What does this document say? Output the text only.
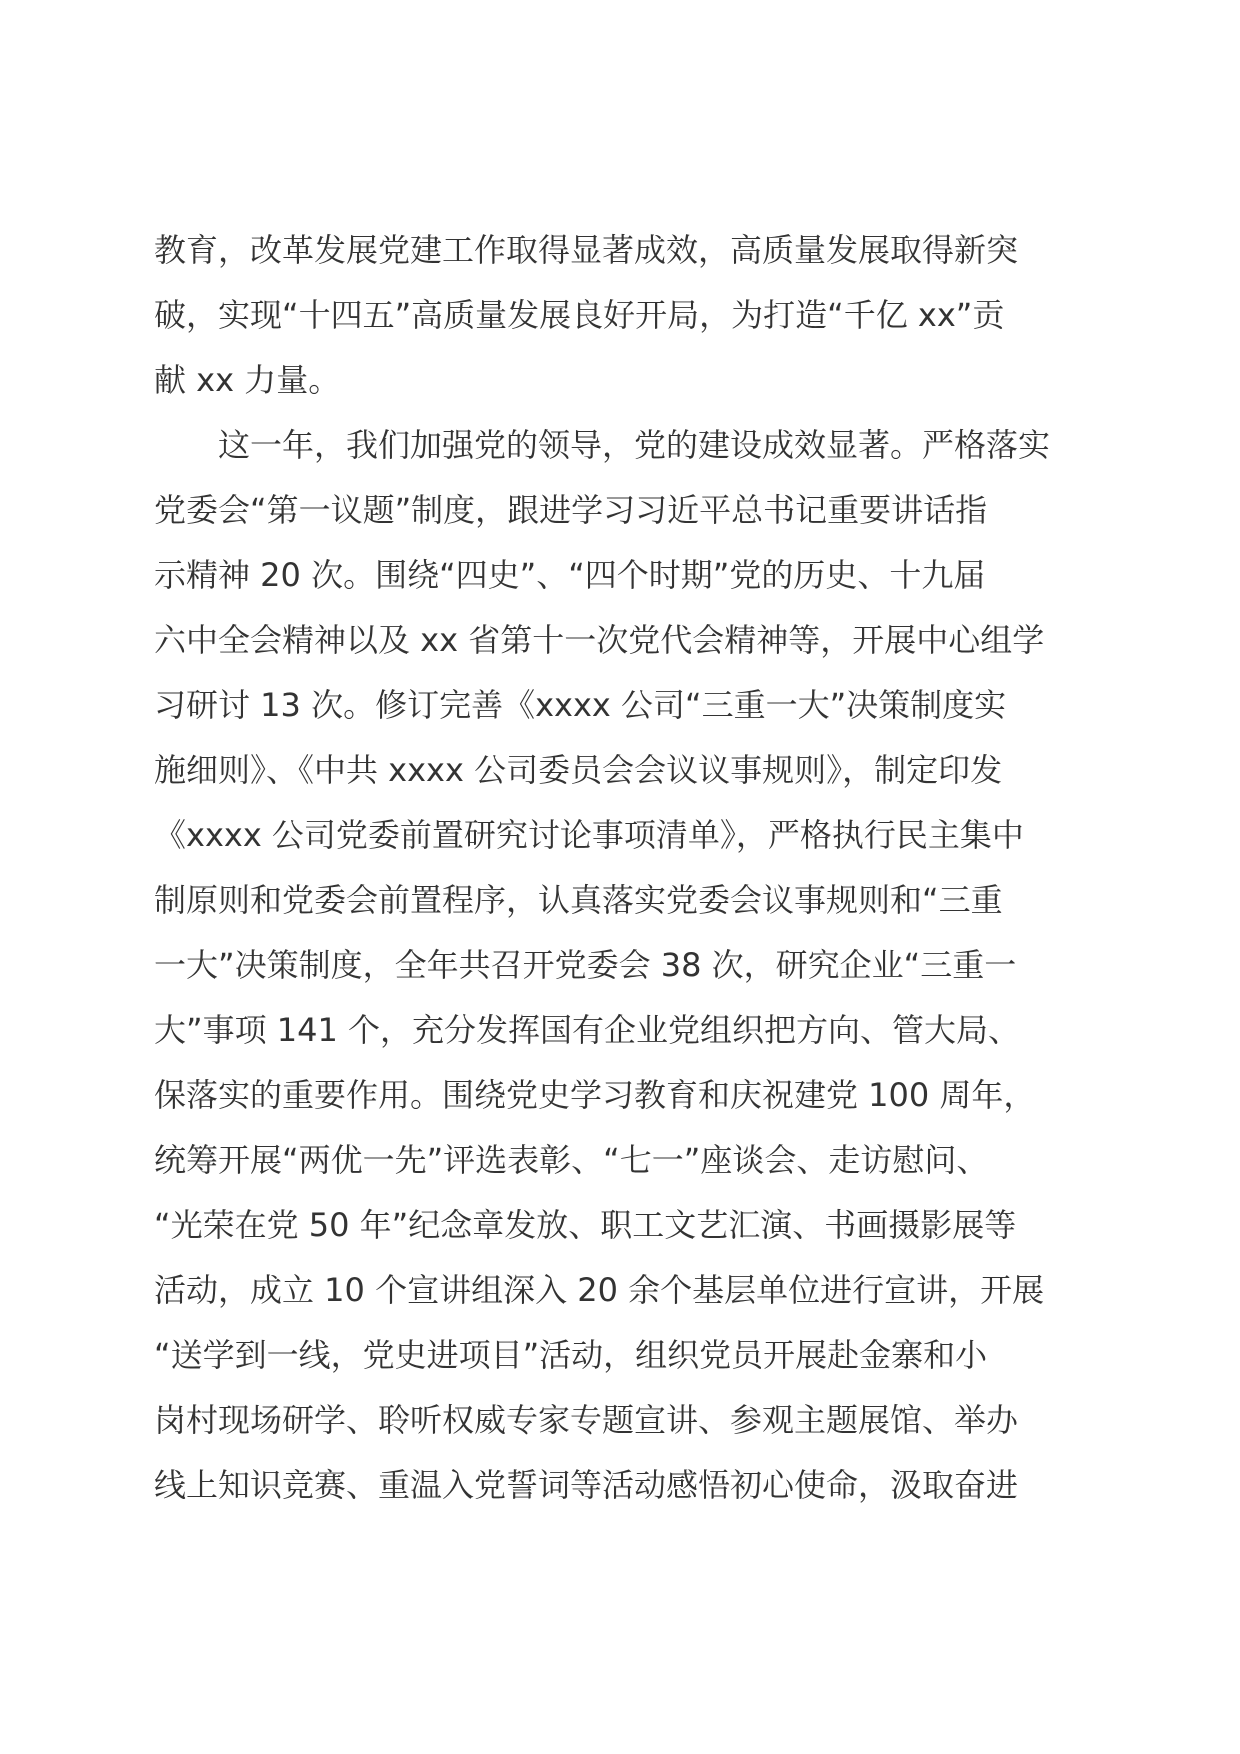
教育，改革发展党建工作取得显著成效，高质量发展取得新突
破，实现“十四五”高质量发展良好开局，为打造“千亿 xx”贡
献 xx 力量。
　　这一年，我们加强党的领导，党的建设成效显著。严格落实
党委会“第一议题”制度，跟进学习习近平总书记重要讲话指
示精神 20 次。围绕“四史”、“四个时期”党的历史、十九届
六中全会精神以及 xx 省第十一次党代会精神等，开展中心组学
习研讨 13 次。修订完善《xxxx 公司“三重一大”决策制度实
施细则》、《中共 xxxx 公司委员会会议议事规则》，制定印发
《xxxx 公司党委前置研究讨论事项清单》，严格执行民主集中
制原则和党委会前置程序，认真落实党委会议事规则和“三重
一大”决策制度，全年共召开党委会 38 次，研究企业“三重一
大”事项 141 个，充分发挥国有企业党组织把方向、管大局、
保落实的重要作用。围绕党史学习教育和庆祝建党 100 周年，
统筹开展“两优一先”评选表彰、“七一”座谈会、走访慰问、
“光荣在党 50 年”纪念章发放、职工文艺汇演、书画摄影展等
活动，成立 10 个宣讲组深入 20 余个基层单位进行宣讲，开展
“送学到一线，党史进项目”活动，组织党员开展赴金寨和小
岗村现场研学、聆听权威专家专题宣讲、参观主题展馆、举办
线上知识竞赛、重温入党誓词等活动感悟初心使命，汲取奋进
